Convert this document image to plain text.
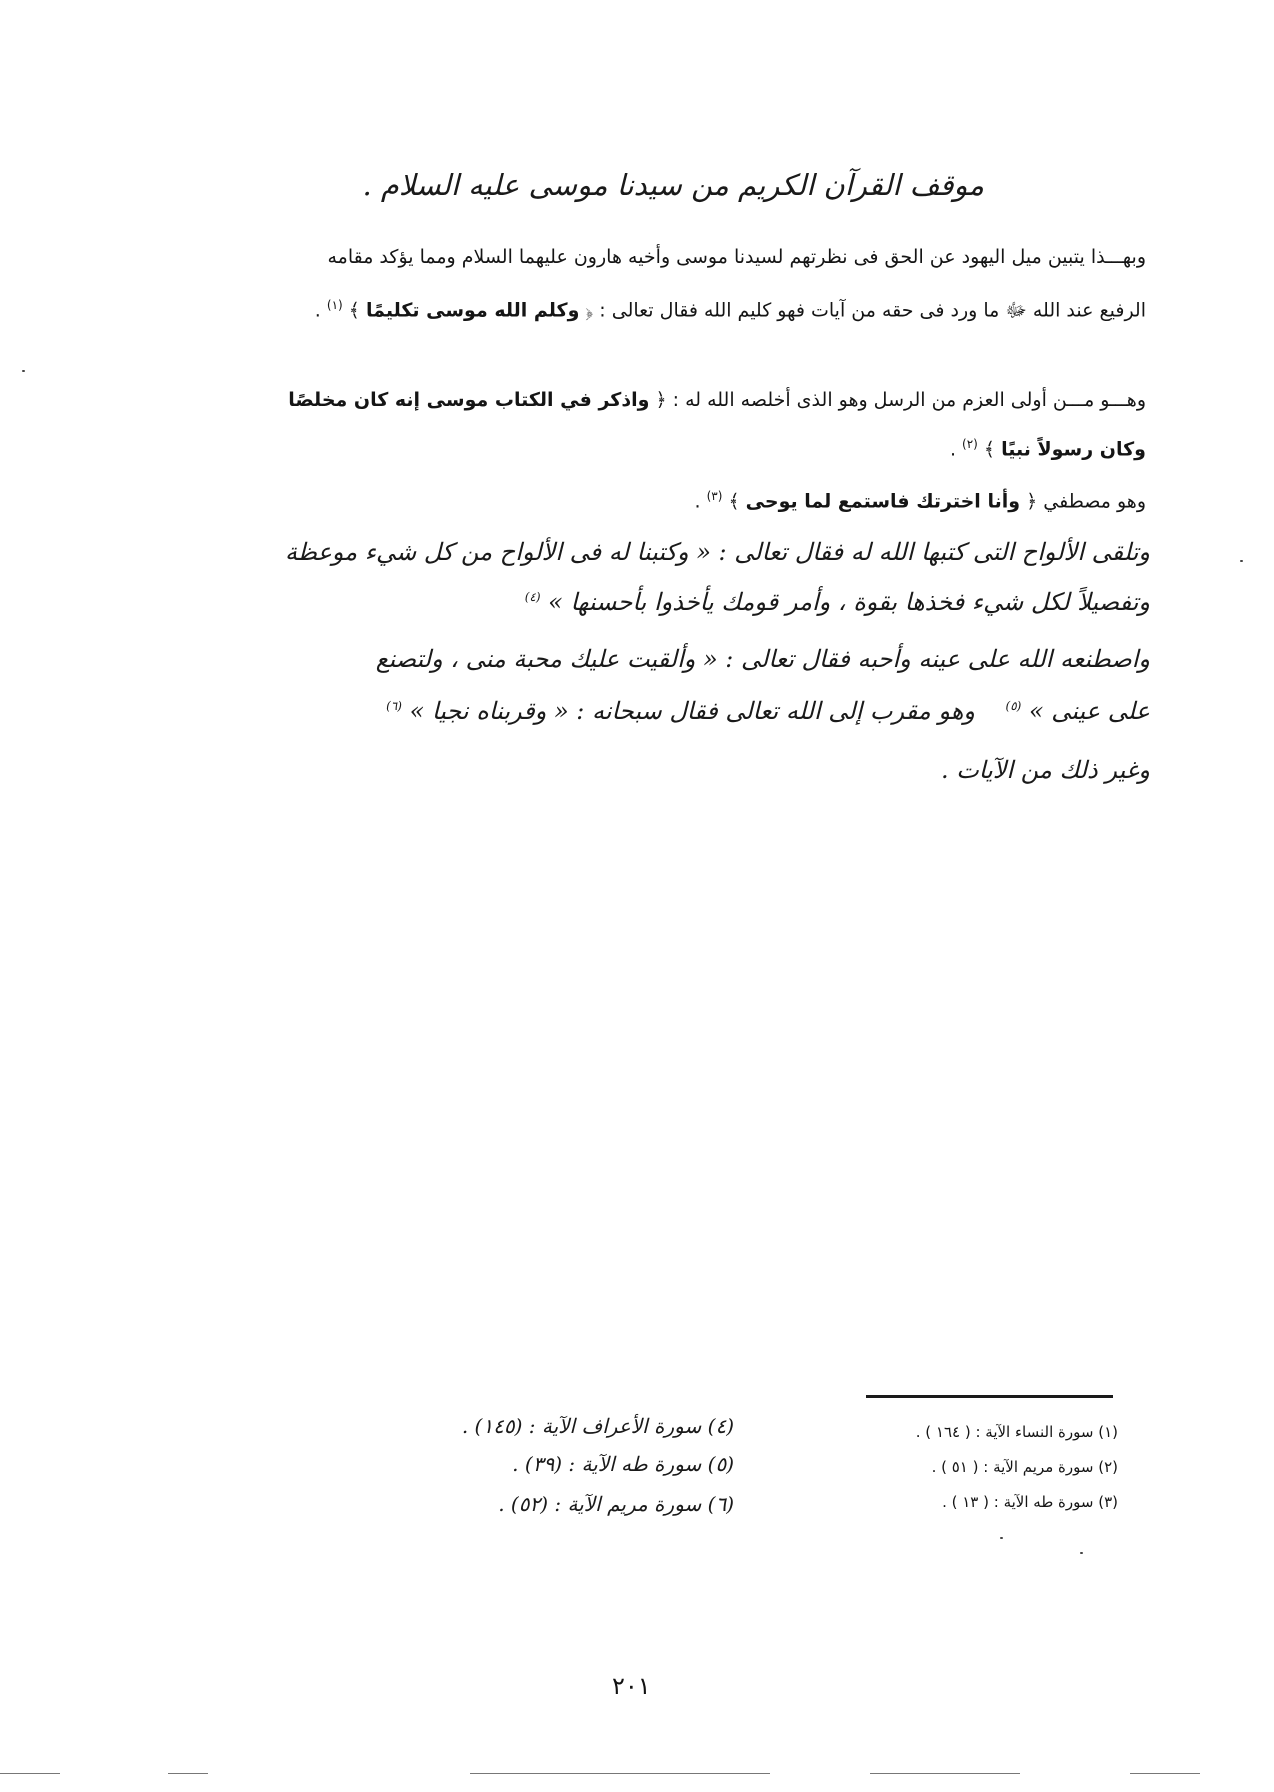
موقف القرآن الكريم من سيدنا موسى عليه السلام .
وبهـــذا يتبين ميل اليهود عن الحق فى نظرتهم لسيدنا موسى وأخيه هارون عليهما السلام ومما يؤكد مقامه
الرفيع عند الله ﷻ ما ورد فى حقه من آيات فهو كليم الله فقال تعالى : ﴿ وكلم الله موسى تكليمًا ﴾ $^{(١)}$ .
وهـــو مـــن أولى العزم من الرسل وهو الذى أخلصه الله له : ﴿ واذكر في الكتاب موسى إنه كان مخلصًا
وكان رسولاً نبيًا ﴾ $^{(٢)}$ .
وهو مصطفي ﴿ وأنا اخترتك فاستمع لما يوحى ﴾ $^{(٣)}$ .
وتلقى الألواح التى كتبها الله له فقال تعالى : « وكتبنا له فى الألواح من كل شيء موعظة
وتفصيلاً لكل شيء فخذها بقوة ، وأمر قومك يأخذوا بأحسنها » $^{(٤)}$
واصطنعه الله على عينه وأحبه فقال تعالى : « وألقيت عليك محبة منى ، ولتصنع
على عينى » $^{(٥)}$    وهو مقرب إلى الله تعالى فقال سبحانه : « وقربناه نجيا » $^{(٦)}$
وغير ذلك من الآيات .
(١) سورة النساء الآية : ( ١٦٤ ) .
(٢) سورة مريم الآية : ( ٥١ ) .
(٣) سورة طه الآية : ( ١٣ ) .
(٤) سورة الأعراف الآية : (١٤٥) .
(٥) سورة طه الآية : (٣٩) .
(٦) سورة مريم الآية : (٥٢) .
٢٠١
